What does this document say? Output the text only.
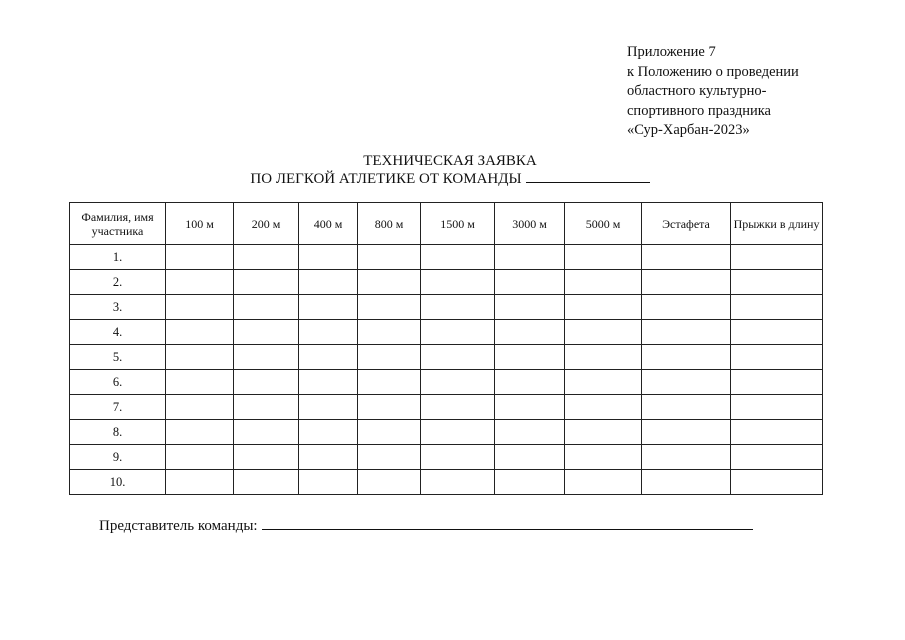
Приложение 7
к Положению о проведении
областного культурно-
спортивного праздника
«Сур-Харбан-2023»
ТЕХНИЧЕСКАЯ ЗАЯВКА
ПО ЛЕГКОЙ АТЛЕТИКЕ ОТ КОМАНДЫ
Фамилия, имя участника	100 м	200 м	400 м	800 м	1500 м	3000 м	5000 м	Эстафета	Прыжки в длину
1.									
2.									
3.									
4.									
5.									
6.									
7.									
8.									
9.									
10.									
Представитель команды:
